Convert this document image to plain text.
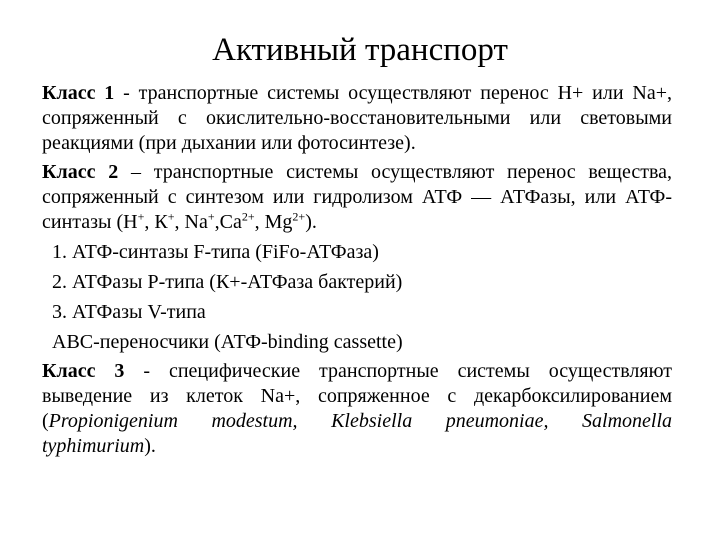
Активный транспорт

Класс 1 - транспортные системы осуществляют перенос Н+ или Na+, сопряженный с окислительно-восстановительными или световыми реакциями (при дыхании или фотосинтезе).

Класс 2 – транспортные системы осуществляют перенос вещества, сопряженный с синтезом или гидролизом АТФ — АТФазы, или АТФ-синтазы (Н+, К+, $Na^+,Са^{2+}$, $Mg^{2+}$).

1. АТФ-синтазы F-типа (FiFo-АТФаза)

2. АТФазы Р-типа (К+-АТФаза бактерий)

3. АТФазы V-типа

АВС-переносчики (АТФ-binding cassette)

Класс 3 - специфические транспортные системы осуществляют выведение из клеток Na+, сопряженное с декарбоксилированием (Propionigenium modestum, Klebsiella pneumoniae, Salmonella typhimurium).
